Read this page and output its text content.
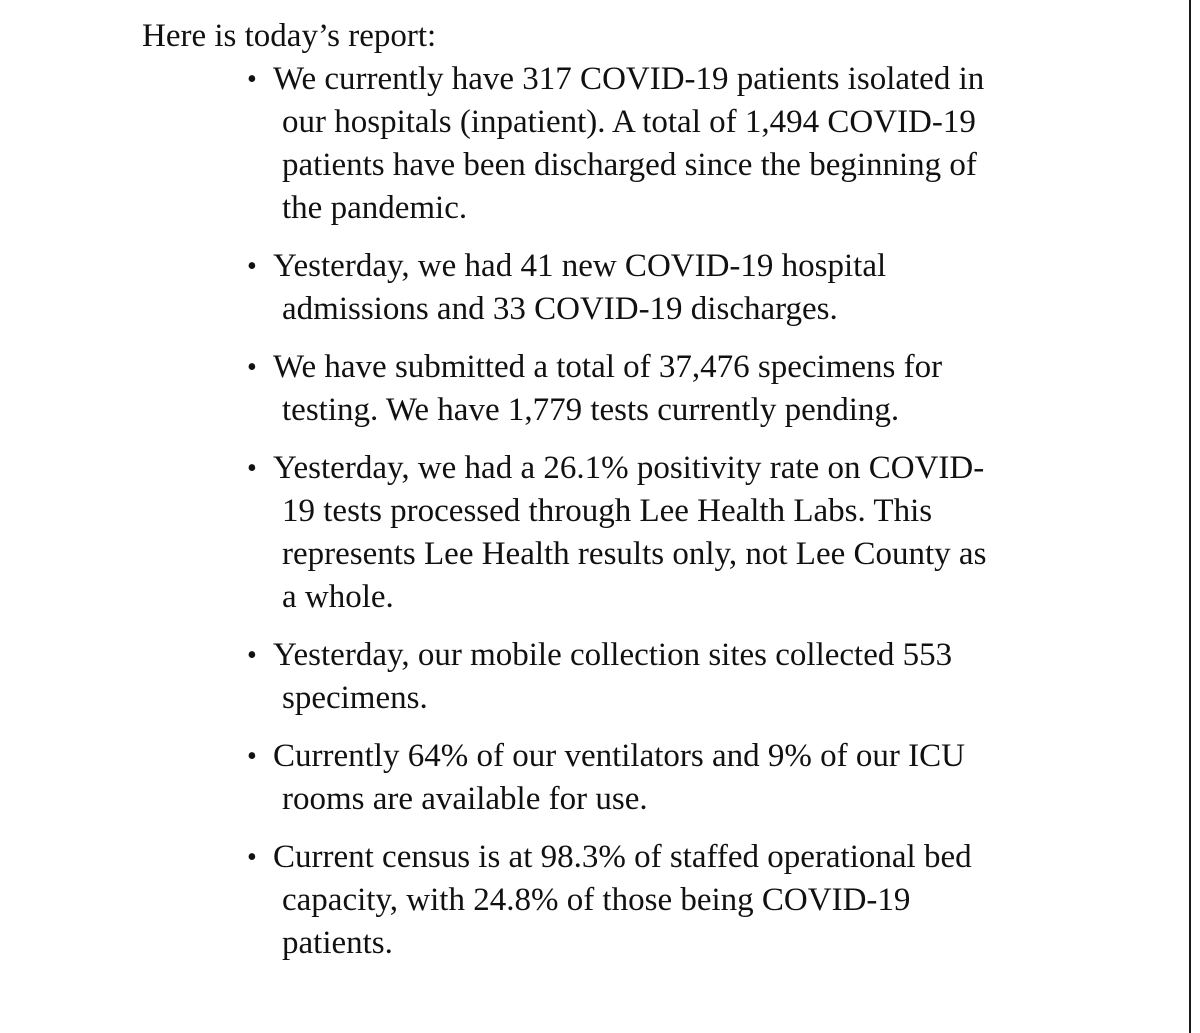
Here is today’s report:

• We currently have 317 COVID-19 patients isolated in
our hospitals (inpatient). A total of 1,494 COVID-19
patients have been discharged since the beginning of
the pandemic.
• Yesterday, we had 41 new COVID-19 hospital
admissions and 33 COVID-19 discharges.
• We have submitted a total of 37,476 specimens for
testing. We have 1,779 tests currently pending.
• Yesterday, we had a 26.1% positivity rate on COVID-
19 tests processed through Lee Health Labs. This
represents Lee Health results only, not Lee County as
a whole.
• Yesterday, our mobile collection sites collected 553
specimens.
• Currently 64% of our ventilators and 9% of our ICU
rooms are available for use.
• Current census is at 98.3% of staffed operational bed
capacity, with 24.8% of those being COVID-19
patients.
